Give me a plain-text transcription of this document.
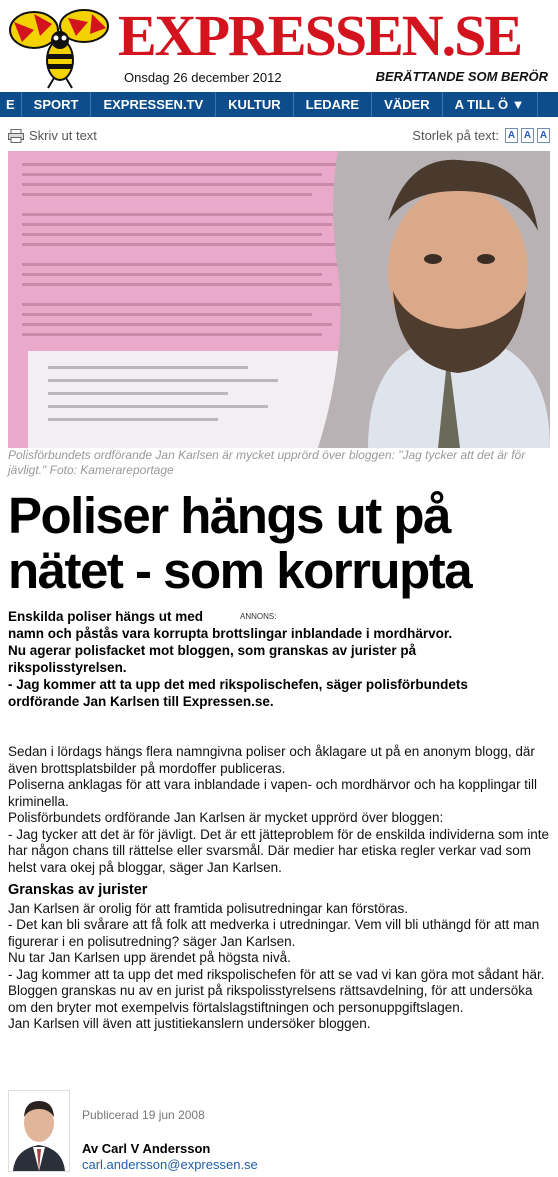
EXPRESSEN.SE
Onsdag 26 december 2012	BERÄTTANDE SOM BERÖR
E	SPORT	EXPRESSEN.TV	KULTUR	LEDARE	VÄDER	A TILL Ö ▼
Skriv ut text	Storlek på text: A A A
Polisförbundets ordförande Jan Karlsen är mycket upprörd över bloggen: "Jag tycker att det är för jävligt." Foto: Kamerareportage
Poliser hängs ut på nätet - som korrupta
ANNONS:

Enskilda poliser hängs ut med

namn och påstås vara korrupta brottslingar inblandade i mordhärvor.

Nu agerar polisfacket mot bloggen, som granskas av jurister på rikspolisstyrelsen.

- Jag kommer att ta upp det med rikspolischefen, säger polisförbundets ordförande Jan Karlsen till Expressen.se.

Sedan i lördags hängs flera namngivna poliser och åklagare ut på en anonym blogg, där även brottsplatsbilder på mordoffer publiceras.

Poliserna anklagas för att vara inblandade i vapen- och mordhärvor och ha kopplingar till kriminella.

Polisförbundets ordförande Jan Karlsen är mycket upprörd över bloggen:

- Jag tycker att det är för jävligt. Det är ett jätteproblem för de enskilda individerna som inte har någon chans till rättelse eller svarsmål. Där medier har etiska regler verkar vad som helst vara okej på bloggar, säger Jan Karlsen.

Granskas av jurister

Jan Karlsen är orolig för att framtida polisutredningar kan förstöras.

- Det kan bli svårare att få folk att medverka i utredningar. Vem vill bli uthängd för att man figurerar i en polisutredning? säger Jan Karlsen.

Nu tar Jan Karlsen upp ärendet på högsta nivå.

- Jag kommer att ta upp det med rikspolischefen för att se vad vi kan göra mot sådant här.

Bloggen granskas nu av en jurist på rikspolisstyrelsens rättsavdelning, för att undersöka om den bryter mot exempelvis förtalslagstiftningen och personuppgiftslagen.

Jan Karlsen vill även att justitiekanslern undersöker bloggen.

Publicerad 19 jun 2008
Av Carl V Andersson
carl.andersson@expressen.se
